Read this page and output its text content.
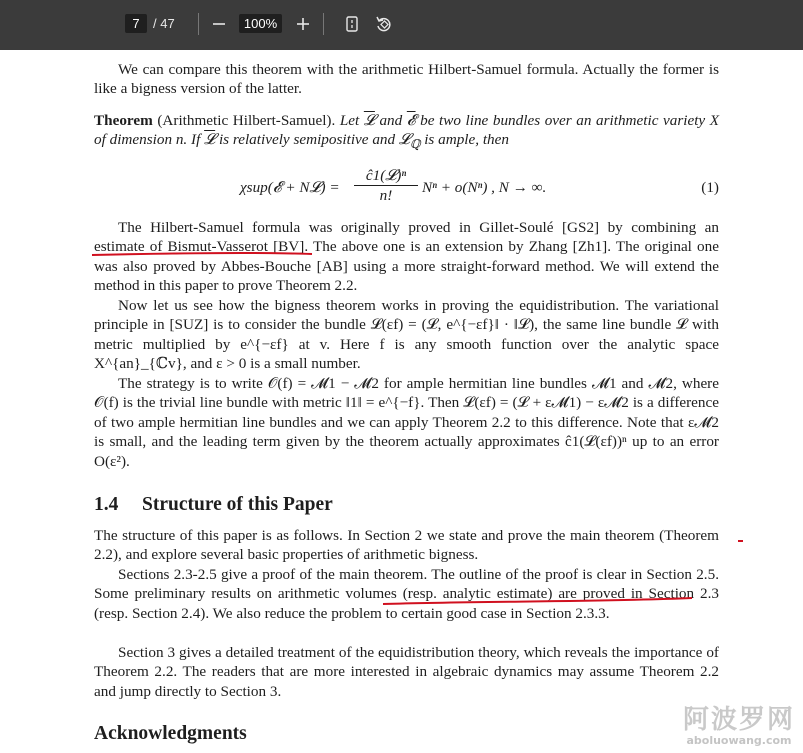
7	/ 47	100%

We can compare this theorem with the arithmetic Hilbert-Samuel formula. Actually the former is like a bigness version of the latter.

Theorem (Arithmetic Hilbert-Samuel). Let 𝓛 and 𝓔 be two line bundles over an arithmetic variety X of dimension n. If 𝓛 is relatively semipositive and 𝓛$_ℚ$ is ample, then

χsup(𝓔 + N𝓛) =
ĉ1(𝓛)ⁿ
n!	Nⁿ + o(Nⁿ) , N → ∞.	(1)

The Hilbert-Samuel formula was originally proved in Gillet-Soulé [GS2] by combining an estimate of Bismut-Vasserot [BV]. The above one is an extension by Zhang [Zh1]. The original one was also proved by Abbes-Bouche [AB] using a more straight-forward method. We will extend the method in this paper to prove Theorem 2.2.

Now let us see how the bigness theorem works in proving the equidistribution. The variational principle in [SUZ] is to consider the bundle 𝓛(εf) = (𝓛, e^{−εf}‖ · ‖𝓛), the same line bundle 𝓛 with metric multiplied by e^{−εf} at v. Here f is any smooth function over the analytic space X^{an}_{ℂv}, and ε > 0 is a small number.

The strategy is to write 𝒪(f) = 𝓜1 − 𝓜2 for ample hermitian line bundles 𝓜1 and 𝓜2, where 𝒪(f) is the trivial line bundle with metric ‖1‖ = e^{−f}. Then 𝓛(εf) = (𝓛 + ε𝓜1) − ε𝓜2 is a difference of two ample hermitian line bundles and we can apply Theorem 2.2 to this difference. Note that ε𝓜2 is small, and the leading term given by the theorem actually approximates ĉ1(𝓛(εf))ⁿ up to an error O(ε²).

1.4 Structure of this Paper

The structure of this paper is as follows. In Section 2 we state and prove the main theorem (Theorem 2.2), and explore several basic properties of arithmetic bigness.

Sections 2.3-2.5 give a proof of the main theorem. The outline of the proof is clear in Section 2.5. Some preliminary results on arithmetic volumes (resp. analytic estimate) are proved in Section 2.3 (resp. Section 2.4). We also reduce the problem to certain good case in Section 2.3.3.

Section 3 gives a detailed treatment of the equidistribution theory, which reveals the importance of Theorem 2.2. The readers that are more interested in algebraic dynamics may assume Theorem 2.2 and jump directly to Section 3.

Acknowledgments	阿波罗网
aboluowang.com
